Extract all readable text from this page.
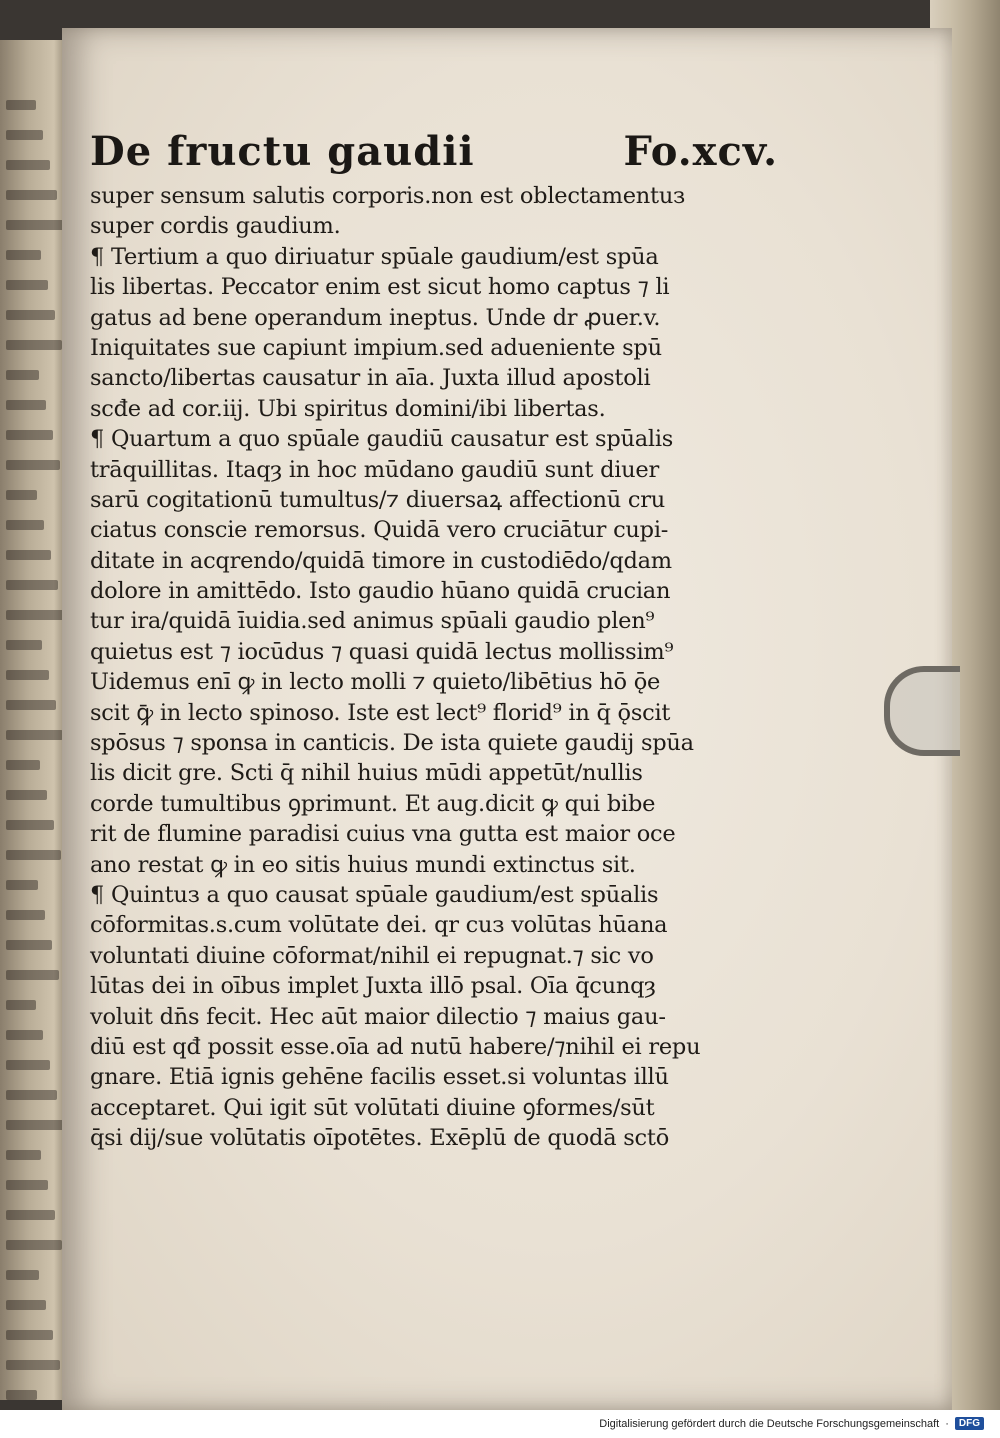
De fructu gaudii	Fo.xcv.
super sensum salutis corporis.non est oblectamentuз
super cordis gaudium.
¶ Tertium a quo diriuatur spūale gaudium/est spūa
lis libertas. Peccator enim est sicut homo captus ⁊ li
gatus ad bene operandum ineptus. Unde dr ꝓuer.v.
Iniquitates sue capiunt impium.sed adueniente spū
sancto/libertas causatur in aīa. Juxta illud apostoli
scđe ad cor.iij. Ubi spiritus domini/ibi libertas.
¶ Quartum a quo spūale gaudiū causatur est spūalis
trāquillitas. Itaqȝ in hoc mūdano gaudiū sunt diuer
sarū cogitationū tumultus/⁊ diuersaꝝ affectionū cru
ciatus conscie remorsus. Quidā vero cruciātur cupi-
ditate in acqrendo/quidā timore in custodiēdo/qdam
dolore in amittēdo. Isto gaudio hūano quidā crucian
tur ira/quidā īuidia.sed animus spūali gaudio plen⁹
quietus est ⁊ iocūdus ⁊ quasi quidā lectus mollissim⁹
Uidemus enī ꝙ in lecto molli ⁊ quieto/libētius hō ǭe
scit ꝙ̄ in lecto spinoso. Iste est lect⁹ florid⁹ in q̄ ǭscit
spōsus ⁊ sponsa in canticis. De ista quiete gaudij spūa
lis dicit gre. Scti q̄ nihil huius mūdi appetūt/nullis
corde tumultibus ꝯprimunt. Et aug.dicit ꝙ qui bibe
rit de flumine paradisi cuius vna gutta est maior oce
ano restat ꝙ in eo sitis huius mundi extinctus sit.
¶ Quintuз a quo causat spūale gaudium/est spūalis
cōformitas.s.cum volūtate dei. qr cuз volūtas hūana
voluntati diuine cōformat/nihil ei repugnat.⁊ sic vo
lūtas dei in oībus implet Juxta illō psal. Oīa q̄cunqȝ
voluit dn̄s fecit. Hec aūt maior dilectio ⁊ maius gau-
diū est qđ possit esse.oīa ad nutū habere/⁊nihil ei repu
gnare. Etiā ignis gehēne facilis esset.si voluntas illū
acceptaret. Qui igit sūt volūtati diuine ꝯformes/sūt
q̄si dij/sue volūtatis oīpotētes. Exēplū de quodā sctō
Digitalisierung gefördert durch die Deutsche Forschungsgemeinschaft ·	DFG
